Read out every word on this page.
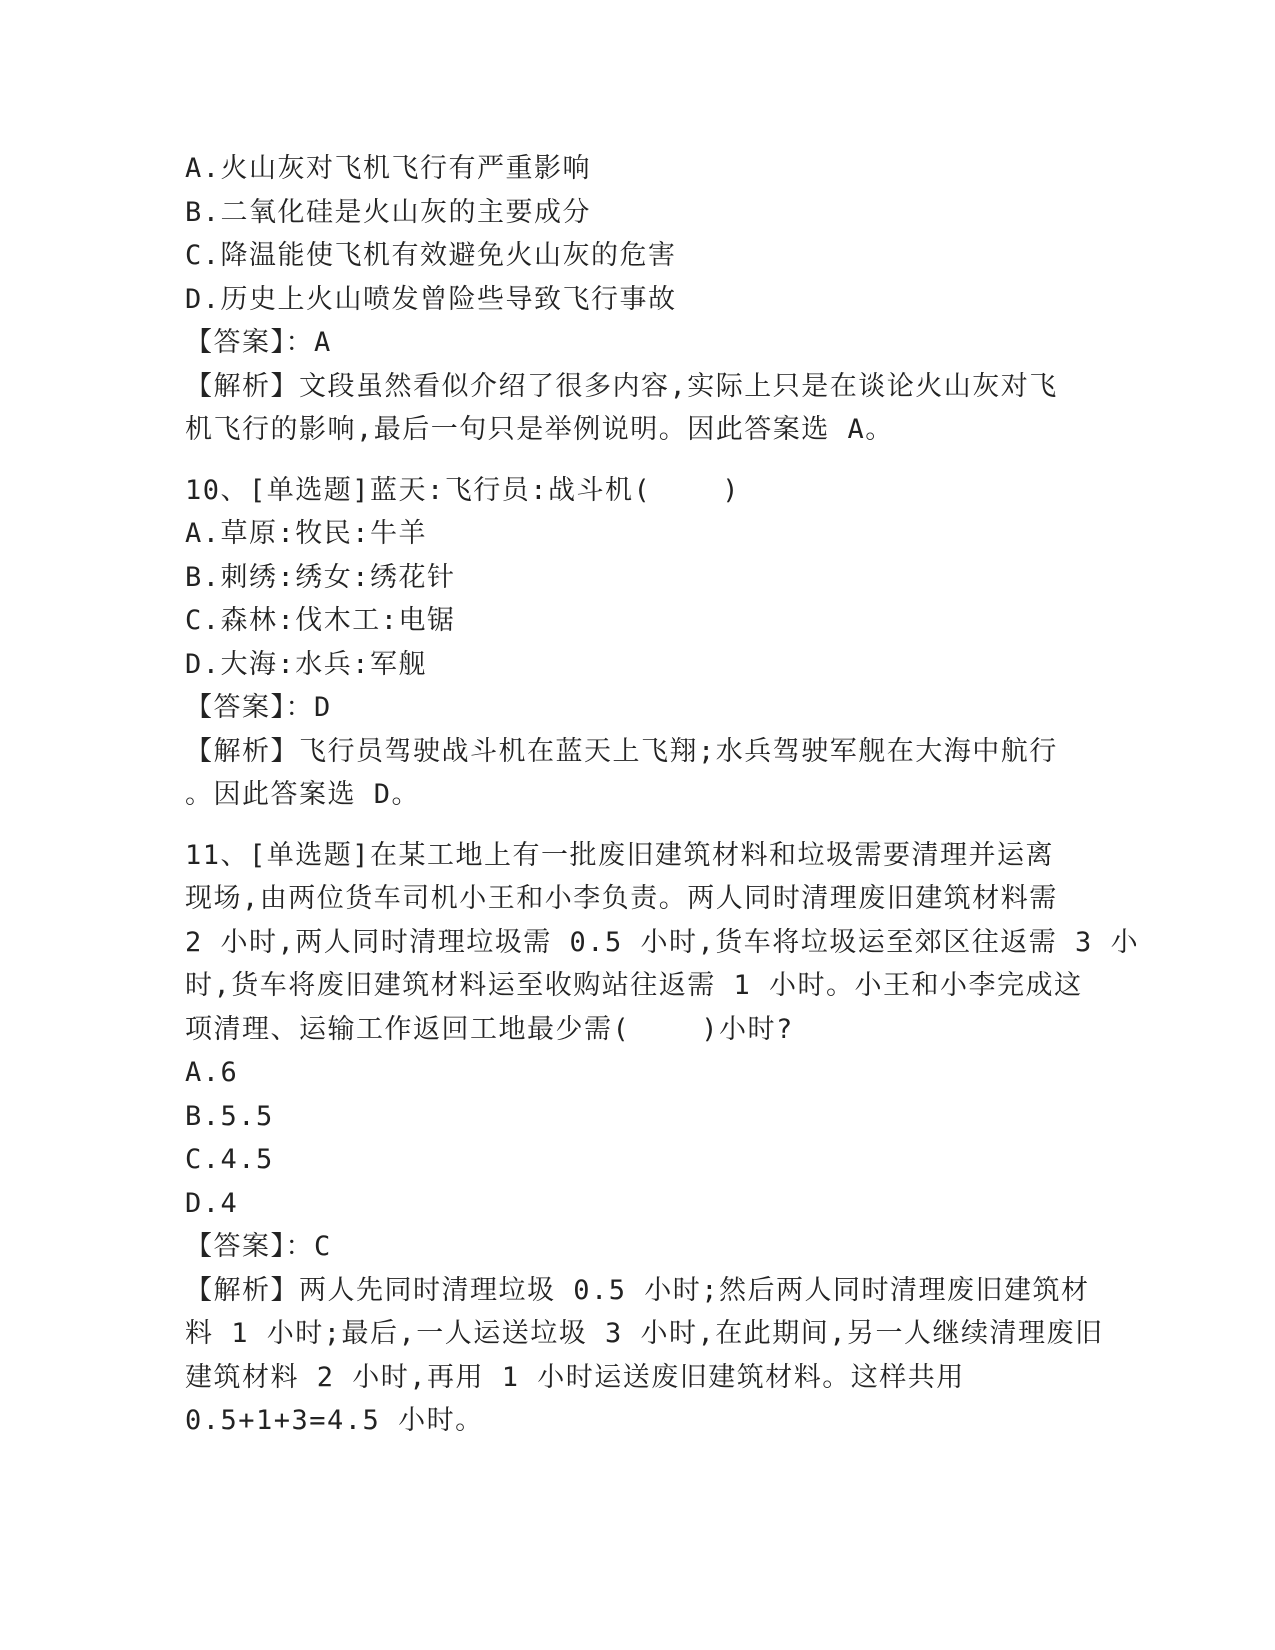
A.火山灰对飞机飞行有严重影响
B.二氧化硅是火山灰的主要成分
C.降温能使飞机有效避免火山灰的危害
D.历史上火山喷发曾险些导致飞行事故
【答案】：A
【解析】文段虽然看似介绍了很多内容,实际上只是在谈论火山灰对飞
机飞行的影响,最后一句只是举例说明。因此答案选 A。
10、[单选题]蓝天:飞行员:战斗机(    )
A.草原:牧民:牛羊
B.刺绣:绣女:绣花针
C.森林:伐木工:电锯
D.大海:水兵:军舰
【答案】：D
【解析】飞行员驾驶战斗机在蓝天上飞翔;水兵驾驶军舰在大海中航行
。因此答案选 D。
11、[单选题]在某工地上有一批废旧建筑材料和垃圾需要清理并运离
现场,由两位货车司机小王和小李负责。两人同时清理废旧建筑材料需
2 小时,两人同时清理垃圾需 0.5 小时,货车将垃圾运至郊区往返需 3 小
时,货车将废旧建筑材料运至收购站往返需 1 小时。小王和小李完成这
项清理、运输工作返回工地最少需(    )小时?
A.6
B.5.5
C.4.5
D.4
【答案】：C
【解析】两人先同时清理垃圾 0.5 小时;然后两人同时清理废旧建筑材
料 1 小时;最后,一人运送垃圾 3 小时,在此期间,另一人继续清理废旧
建筑材料 2 小时,再用 1 小时运送废旧建筑材料。这样共用
0.5+1+3=4.5 小时。
